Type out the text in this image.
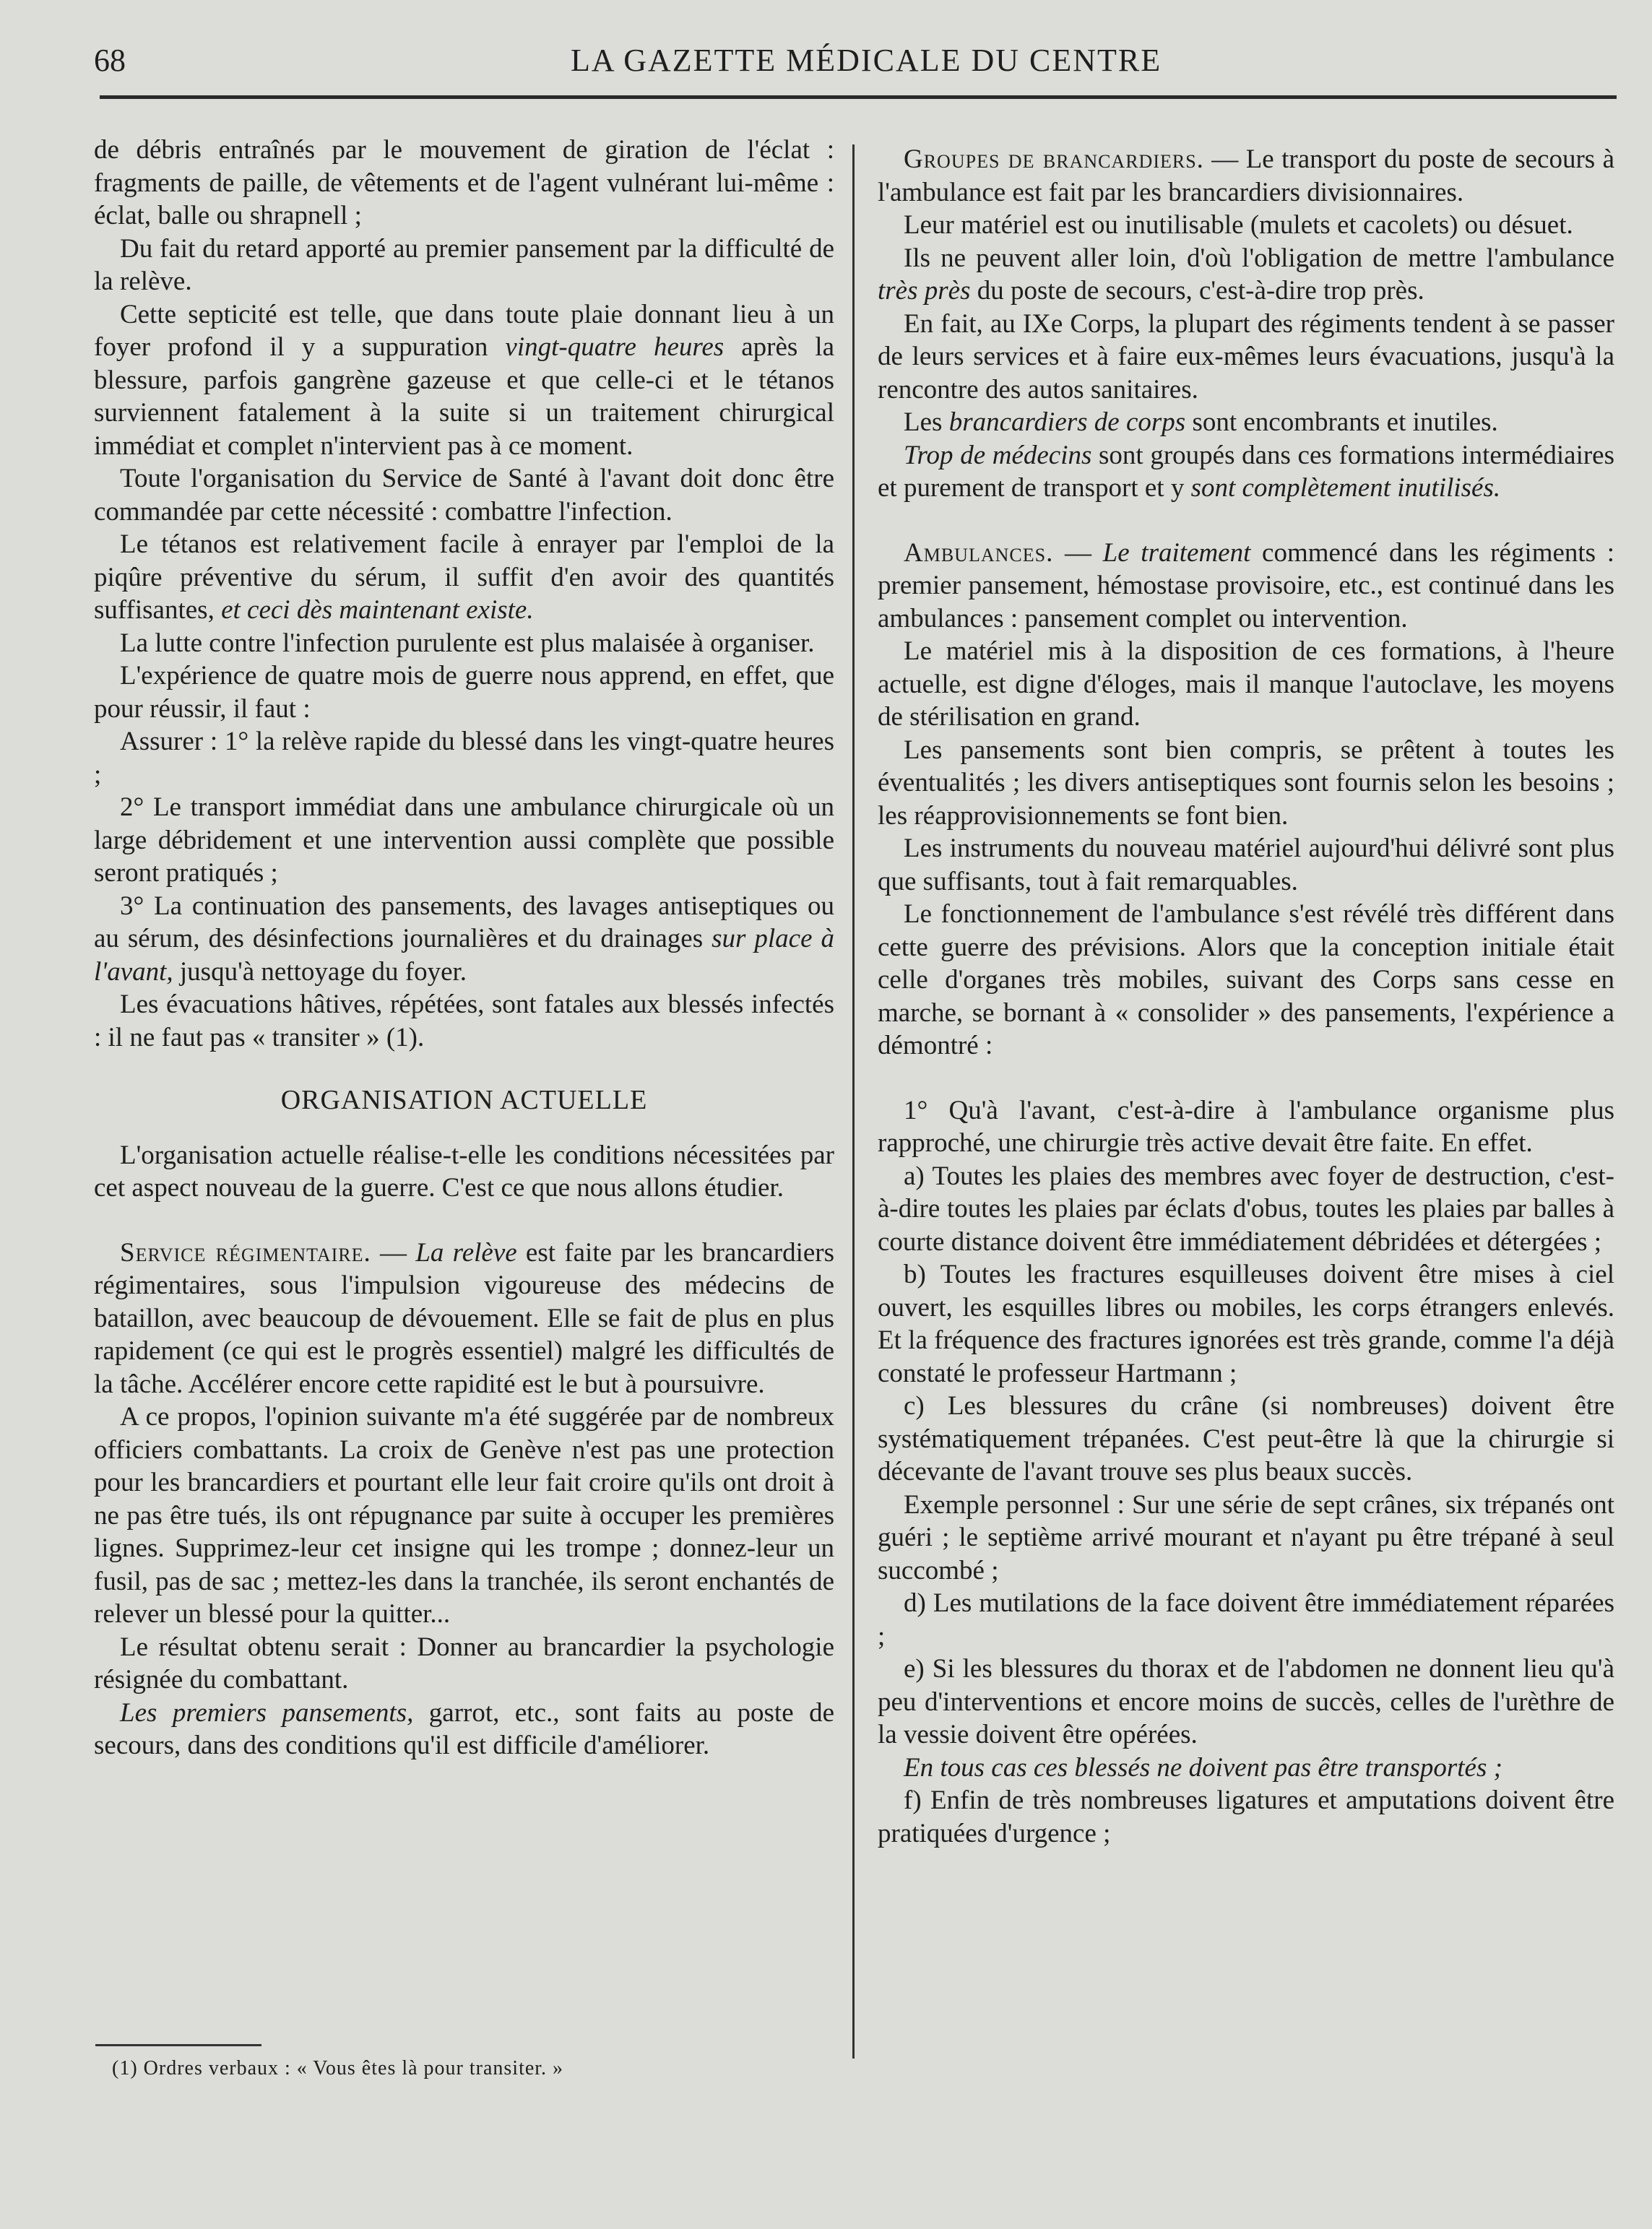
68	LA GAZETTE MÉDICALE DU CENTRE

de débris entraînés par le mouvement de giration de l'éclat : fragments de paille, de vêtements et de l'agent vulnérant lui-même : éclat, balle ou shrapnell ;

Du fait du retard apporté au premier pansement par la difficulté de la relève.

Cette septicité est telle, que dans toute plaie donnant lieu à un foyer profond il y a suppuration vingt-quatre heures après la blessure, parfois gangrène gazeuse et que celle-ci et le tétanos surviennent fatalement à la suite si un traitement chirurgical immédiat et complet n'intervient pas à ce moment.

Toute l'organisation du Service de Santé à l'avant doit donc être commandée par cette nécessité : combattre l'infection.

Le tétanos est relativement facile à enrayer par l'emploi de la piqûre préventive du sérum, il suffit d'en avoir des quantités suffisantes, et ceci dès maintenant existe.

La lutte contre l'infection purulente est plus malaisée à organiser.

L'expérience de quatre mois de guerre nous apprend, en effet, que pour réussir, il faut :

Assurer : 1° la relève rapide du blessé dans les vingt-quatre heures ;

2° Le transport immédiat dans une ambulance chirurgicale où un large débridement et une intervention aussi complète que possible seront pratiqués ;

3° La continuation des pansements, des lavages antiseptiques ou au sérum, des désinfections journalières et du drainages sur place à l'avant, jusqu'à nettoyage du foyer.

Les évacuations hâtives, répétées, sont fatales aux blessés infectés : il ne faut pas « transiter » (1).

ORGANISATION ACTUELLE

L'organisation actuelle réalise-t-elle les conditions nécessitées par cet aspect nouveau de la guerre. C'est ce que nous allons étudier.

Service régimentaire. — La relève est faite par les brancardiers régimentaires, sous l'impulsion vigoureuse des médecins de bataillon, avec beaucoup de dévouement. Elle se fait de plus en plus rapidement (ce qui est le progrès essentiel) malgré les difficultés de la tâche. Accélérer encore cette rapidité est le but à poursuivre.

A ce propos, l'opinion suivante m'a été suggérée par de nombreux officiers combattants. La croix de Genève n'est pas une protection pour les brancardiers et pourtant elle leur fait croire qu'ils ont droit à ne pas être tués, ils ont répugnance par suite à occuper les premières lignes. Supprimez-leur cet insigne qui les trompe ; donnez-leur un fusil, pas de sac ; mettez-les dans la tranchée, ils seront enchantés de relever un blessé pour la quitter...

Le résultat obtenu serait : Donner au brancardier la psychologie résignée du combattant.

Les premiers pansements, garrot, etc., sont faits au poste de secours, dans des conditions qu'il est difficile d'améliorer.

(1) Ordres verbaux : « Vous êtes là pour transiter. »

Groupes de brancardiers. — Le transport du poste de secours à l'ambulance est fait par les brancardiers divisionnaires.

Leur matériel est ou inutilisable (mulets et cacolets) ou désuet.

Ils ne peuvent aller loin, d'où l'obligation de mettre l'ambulance très près du poste de secours, c'est-à-dire trop près.

En fait, au IXe Corps, la plupart des régiments tendent à se passer de leurs services et à faire eux-mêmes leurs évacuations, jusqu'à la rencontre des autos sanitaires.

Les brancardiers de corps sont encombrants et inutiles.

Trop de médecins sont groupés dans ces formations intermédiaires et purement de transport et y sont complètement inutilisés.

Ambulances. — Le traitement commencé dans les régiments : premier pansement, hémostase provisoire, etc., est continué dans les ambulances : pansement complet ou intervention.

Le matériel mis à la disposition de ces formations, à l'heure actuelle, est digne d'éloges, mais il manque l'autoclave, les moyens de stérilisation en grand.

Les pansements sont bien compris, se prêtent à toutes les éventualités ; les divers antiseptiques sont fournis selon les besoins ; les réapprovisionnements se font bien.

Les instruments du nouveau matériel aujourd'hui délivré sont plus que suffisants, tout à fait remarquables.

Le fonctionnement de l'ambulance s'est révélé très différent dans cette guerre des prévisions. Alors que la conception initiale était celle d'organes très mobiles, suivant des Corps sans cesse en marche, se bornant à « consolider » des pansements, l'expérience a démontré :

1° Qu'à l'avant, c'est-à-dire à l'ambulance organisme plus rapproché, une chirurgie très active devait être faite. En effet.

a) Toutes les plaies des membres avec foyer de destruction, c'est-à-dire toutes les plaies par éclats d'obus, toutes les plaies par balles à courte distance doivent être immédiatement débridées et détergées ;

b) Toutes les fractures esquilleuses doivent être mises à ciel ouvert, les esquilles libres ou mobiles, les corps étrangers enlevés. Et la fréquence des fractures ignorées est très grande, comme l'a déjà constaté le professeur Hartmann ;

c) Les blessures du crâne (si nombreuses) doivent être systématiquement trépanées. C'est peut-être là que la chirurgie si décevante de l'avant trouve ses plus beaux succès.

Exemple personnel : Sur une série de sept crânes, six trépanés ont guéri ; le septième arrivé mourant et n'ayant pu être trépané à seul succombé ;

d) Les mutilations de la face doivent être immédiatement réparées ;

e) Si les blessures du thorax et de l'abdomen ne donnent lieu qu'à peu d'interventions et encore moins de succès, celles de l'urèthre de la vessie doivent être opérées.

En tous cas ces blessés ne doivent pas être transportés ;

f) Enfin de très nombreuses ligatures et amputations doivent être pratiquées d'urgence ;
